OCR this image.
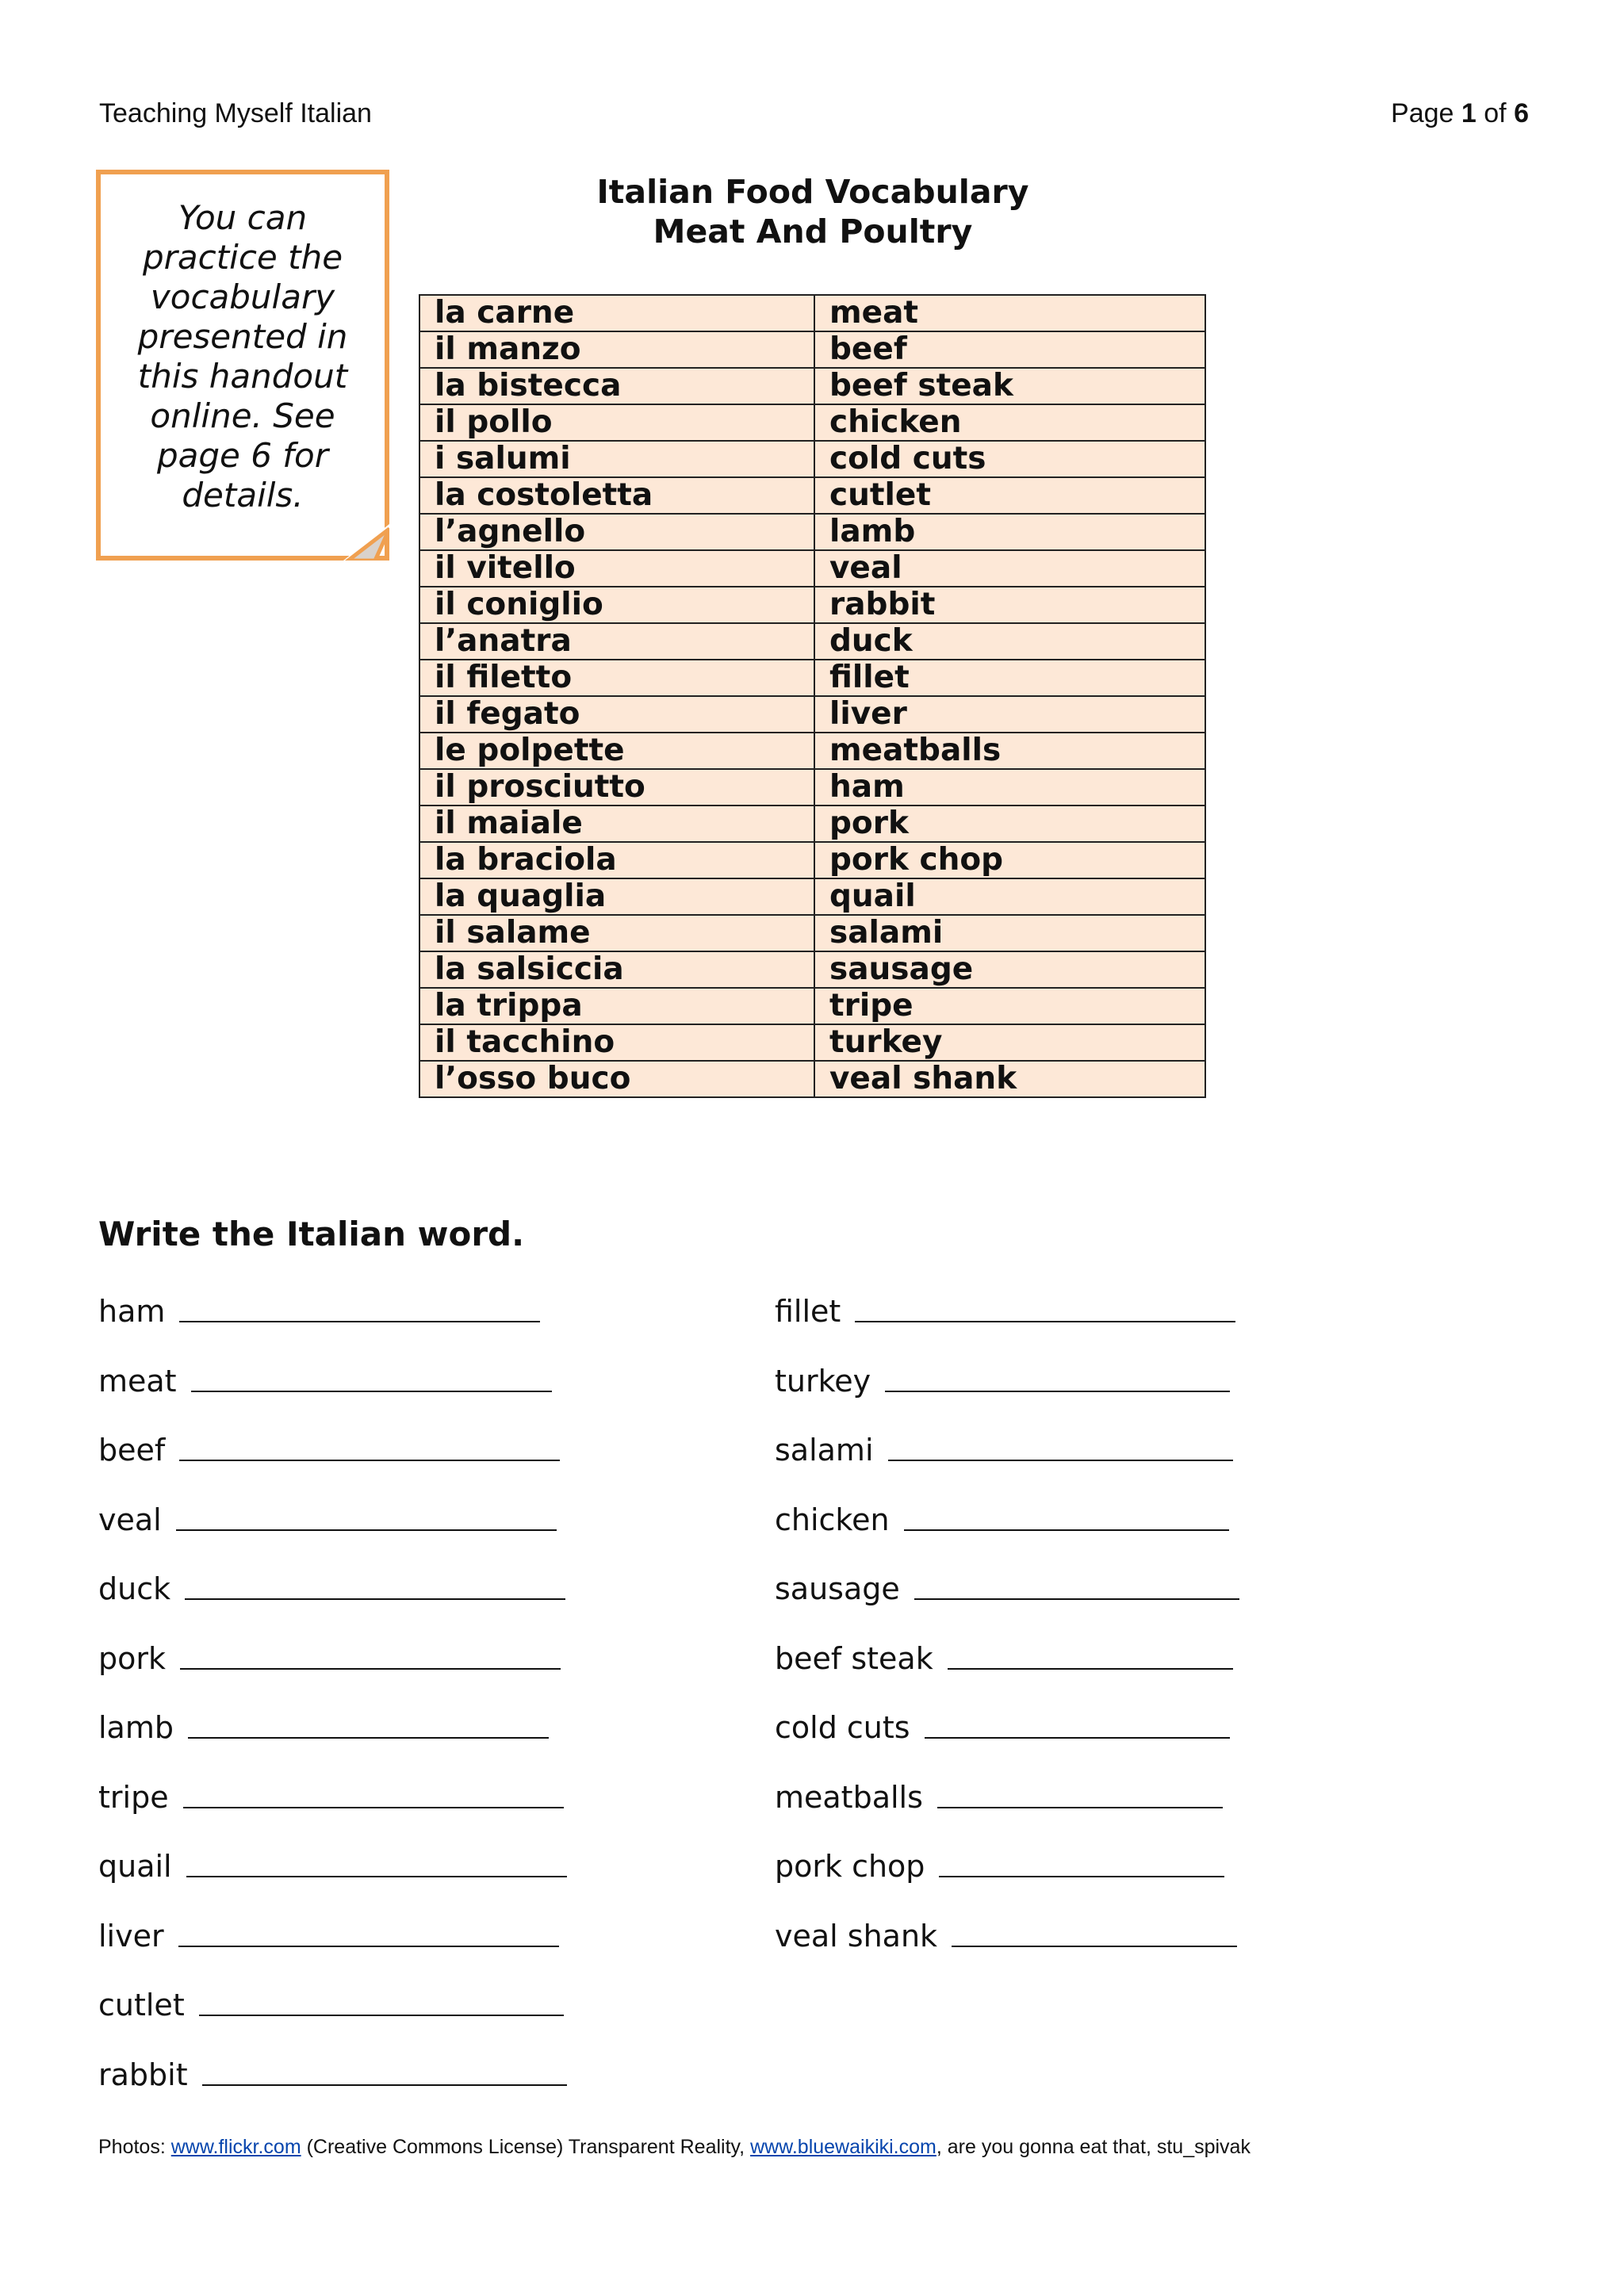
Teaching Myself Italian	Page 1 of 6
You can practice the vocabulary presented in this handout online. See page 6 for details.
Italian Food Vocabulary
Meat And Poultry
la carne	meat
il manzo	beef
la bistecca	beef steak
il pollo	chicken
i salumi	cold cuts
la costoletta	cutlet
l’agnello	lamb
il vitello	veal
il coniglio	rabbit
l’anatra	duck
il filetto	fillet
il fegato	liver
le polpette	meatballs
il prosciutto	ham
il maiale	pork
la braciola	pork chop
la quaglia	quail
il salame	salami
la salsiccia	sausage
la trippa	tripe
il tacchino	turkey
l’osso buco	veal shank
Write the Italian word.
ham
meat
beef
veal
duck
pork
lamb
tripe
quail
liver
cutlet
rabbit
fillet
turkey
salami
chicken
sausage
beef steak
cold cuts
meatballs
pork chop
veal shank
Photos: www.flickr.com (Creative Commons License) Transparent Reality, www.bluewaikiki.com, are you gonna eat that, stu_spivak
